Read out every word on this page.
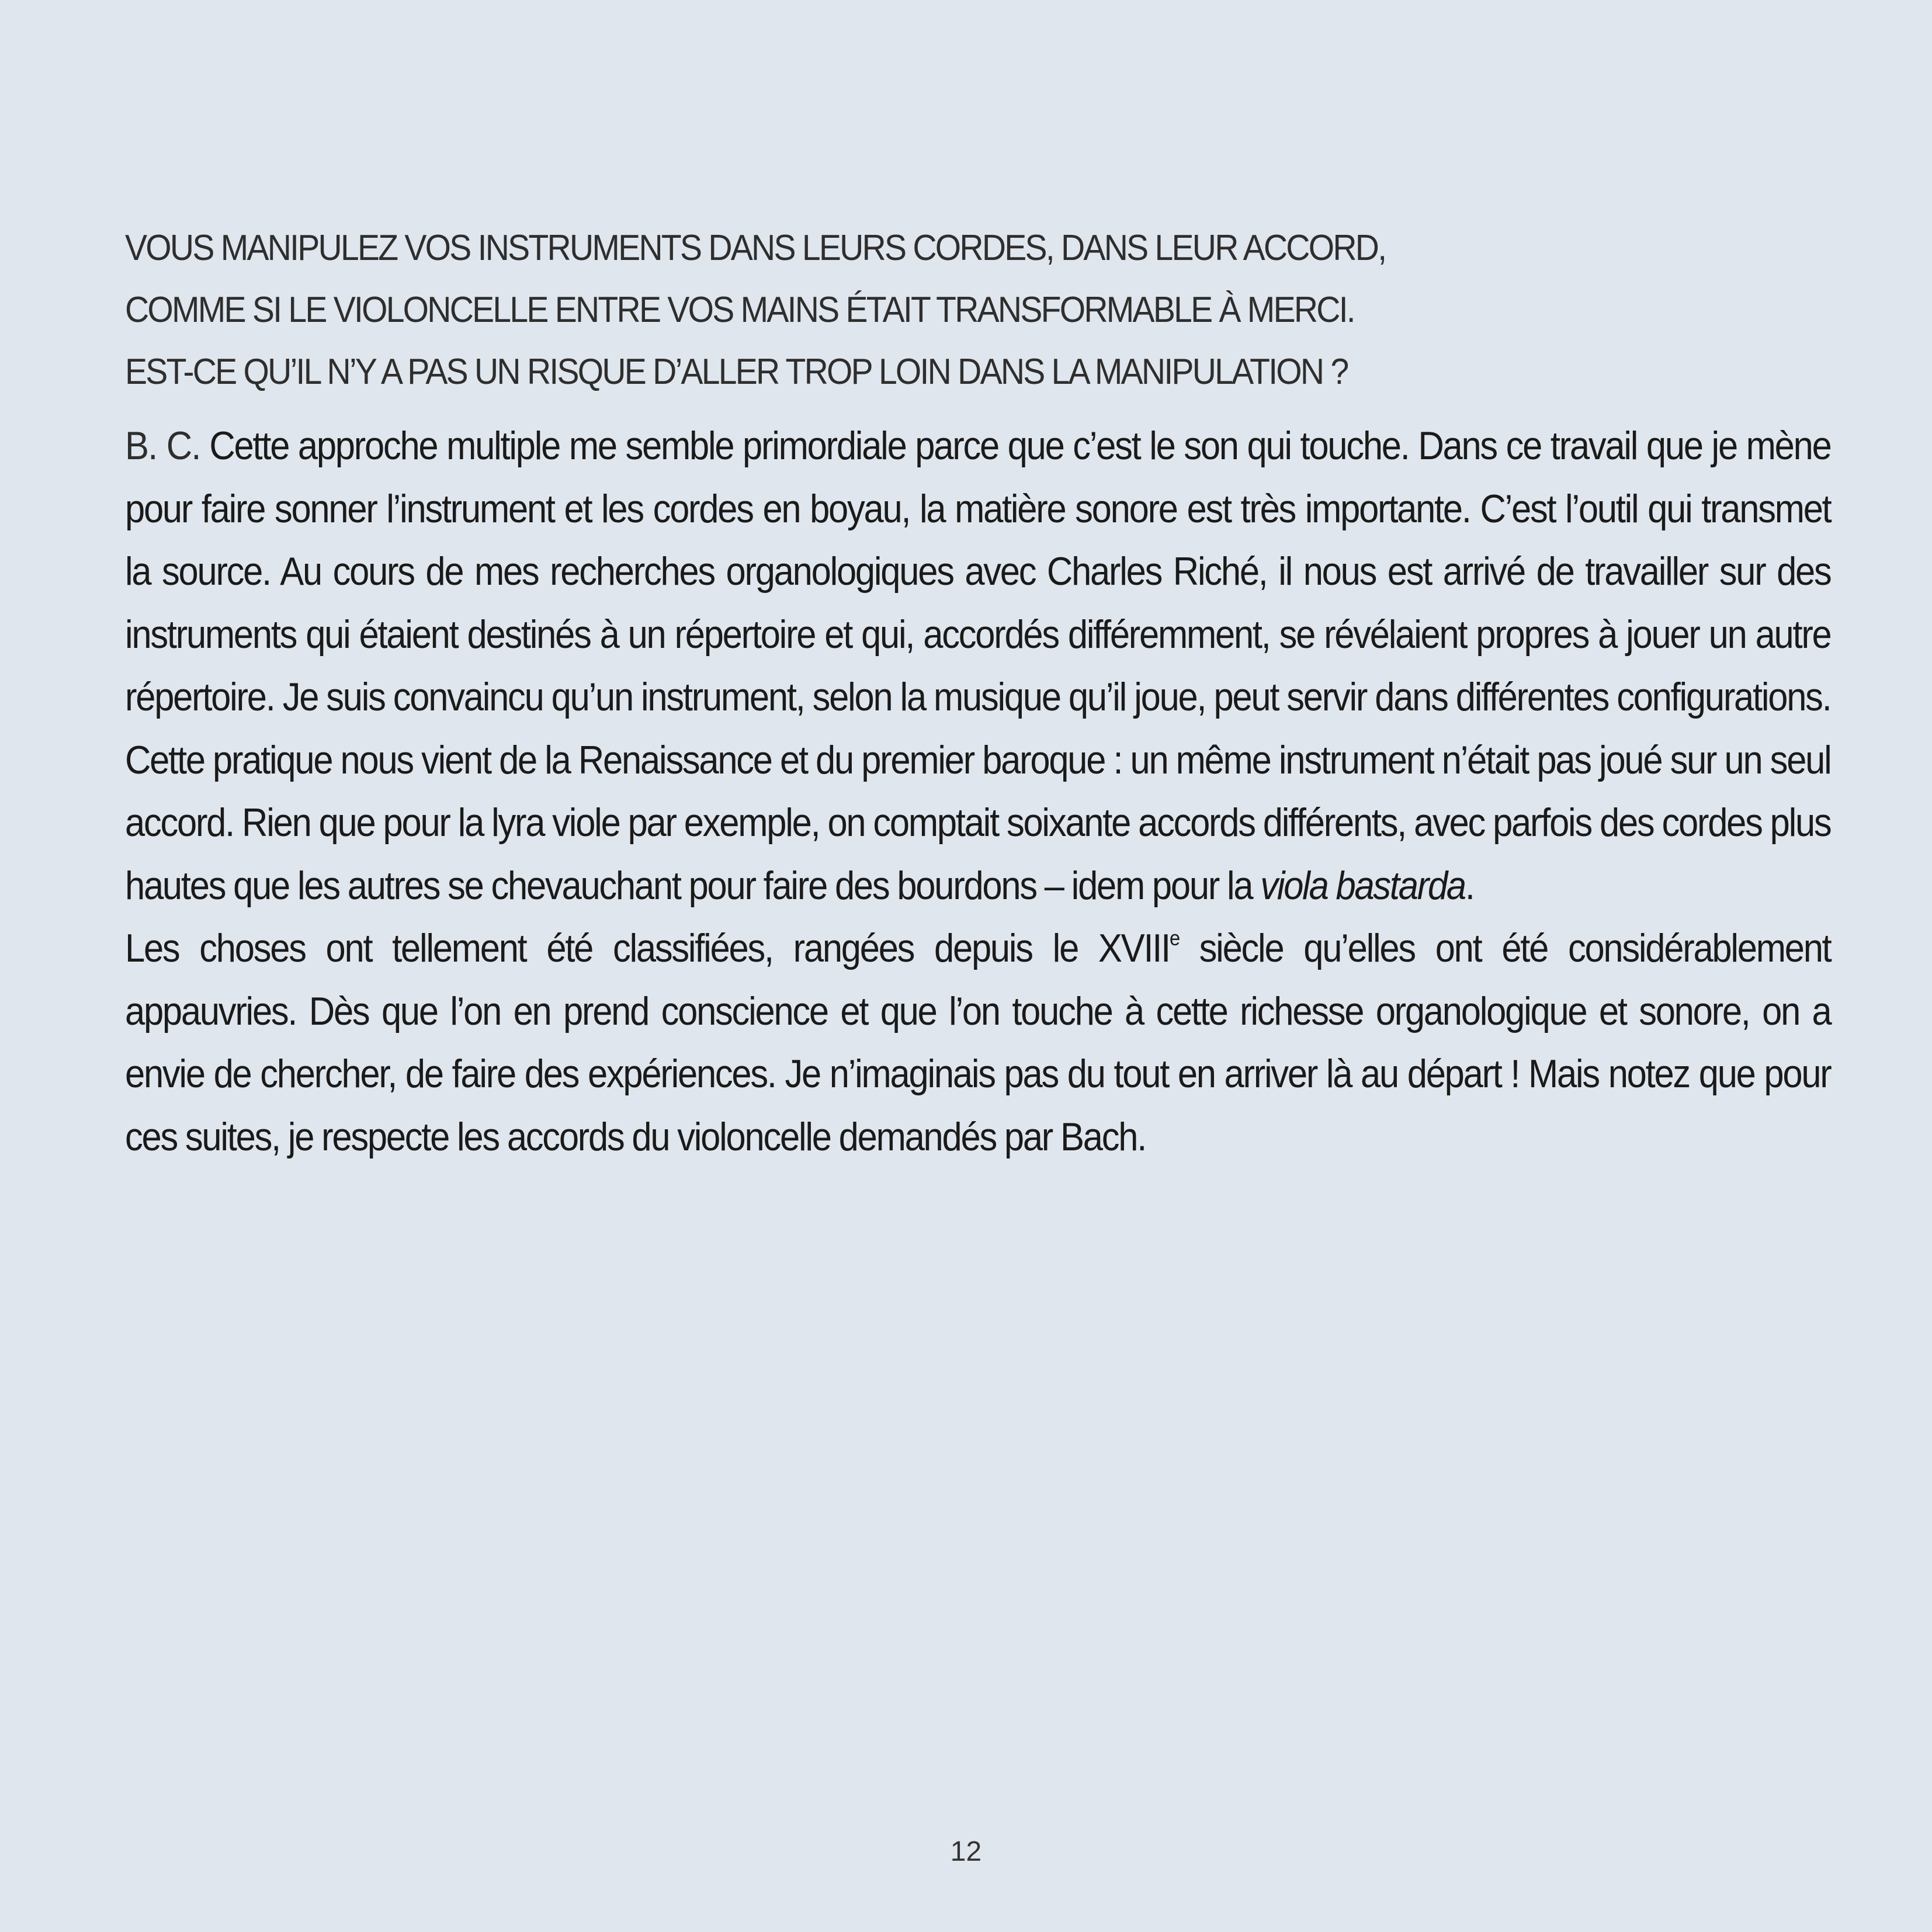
VOUS MANIPULEZ VOS INSTRUMENTS DANS LEURS CORDES, DANS LEUR ACCORD,
COMME SI LE VIOLONCELLE ENTRE VOS MAINS ÉTAIT TRANSFORMABLE À MERCI.
EST-CE QU’IL N’Y A PAS UN RISQUE D’ALLER TROP LOIN DANS LA MANIPULATION ?

B. C. Cette approche multiple me semble primordiale parce que c’est le son qui touche. Dans ce travail que je mène pour faire sonner l’instrument et les cordes en boyau, la matière sonore est très importante. C’est l’outil qui transmet la source. Au cours de mes recherches organologiques avec Charles Riché, il nous est arrivé de travailler sur des instruments qui étaient destinés à un répertoire et qui, accordés différemment, se révélaient propres à jouer un autre répertoire. Je suis convaincu qu’un instrument, selon la musique qu’il joue, peut servir dans différentes configurations. Cette pratique nous vient de la Renaissance et du premier baroque : un même instrument n’était pas joué sur un seul accord. Rien que pour la lyra viole par exemple, on comptait soixante accords différents, avec parfois des cordes plus hautes que les autres se chevauchant pour faire des bourdons – idem pour la viola bastarda.

Les choses ont tellement été classifiées, rangées depuis le XVIIIe siècle qu’elles ont été considérablement appauvries. Dès que l’on en prend conscience et que l’on touche à cette richesse organologique et sonore, on a envie de chercher, de faire des expériences. Je n’imaginais pas du tout en arriver là au départ ! Mais notez que pour ces suites, je respecte les accords du violoncelle demandés par Bach.

12
